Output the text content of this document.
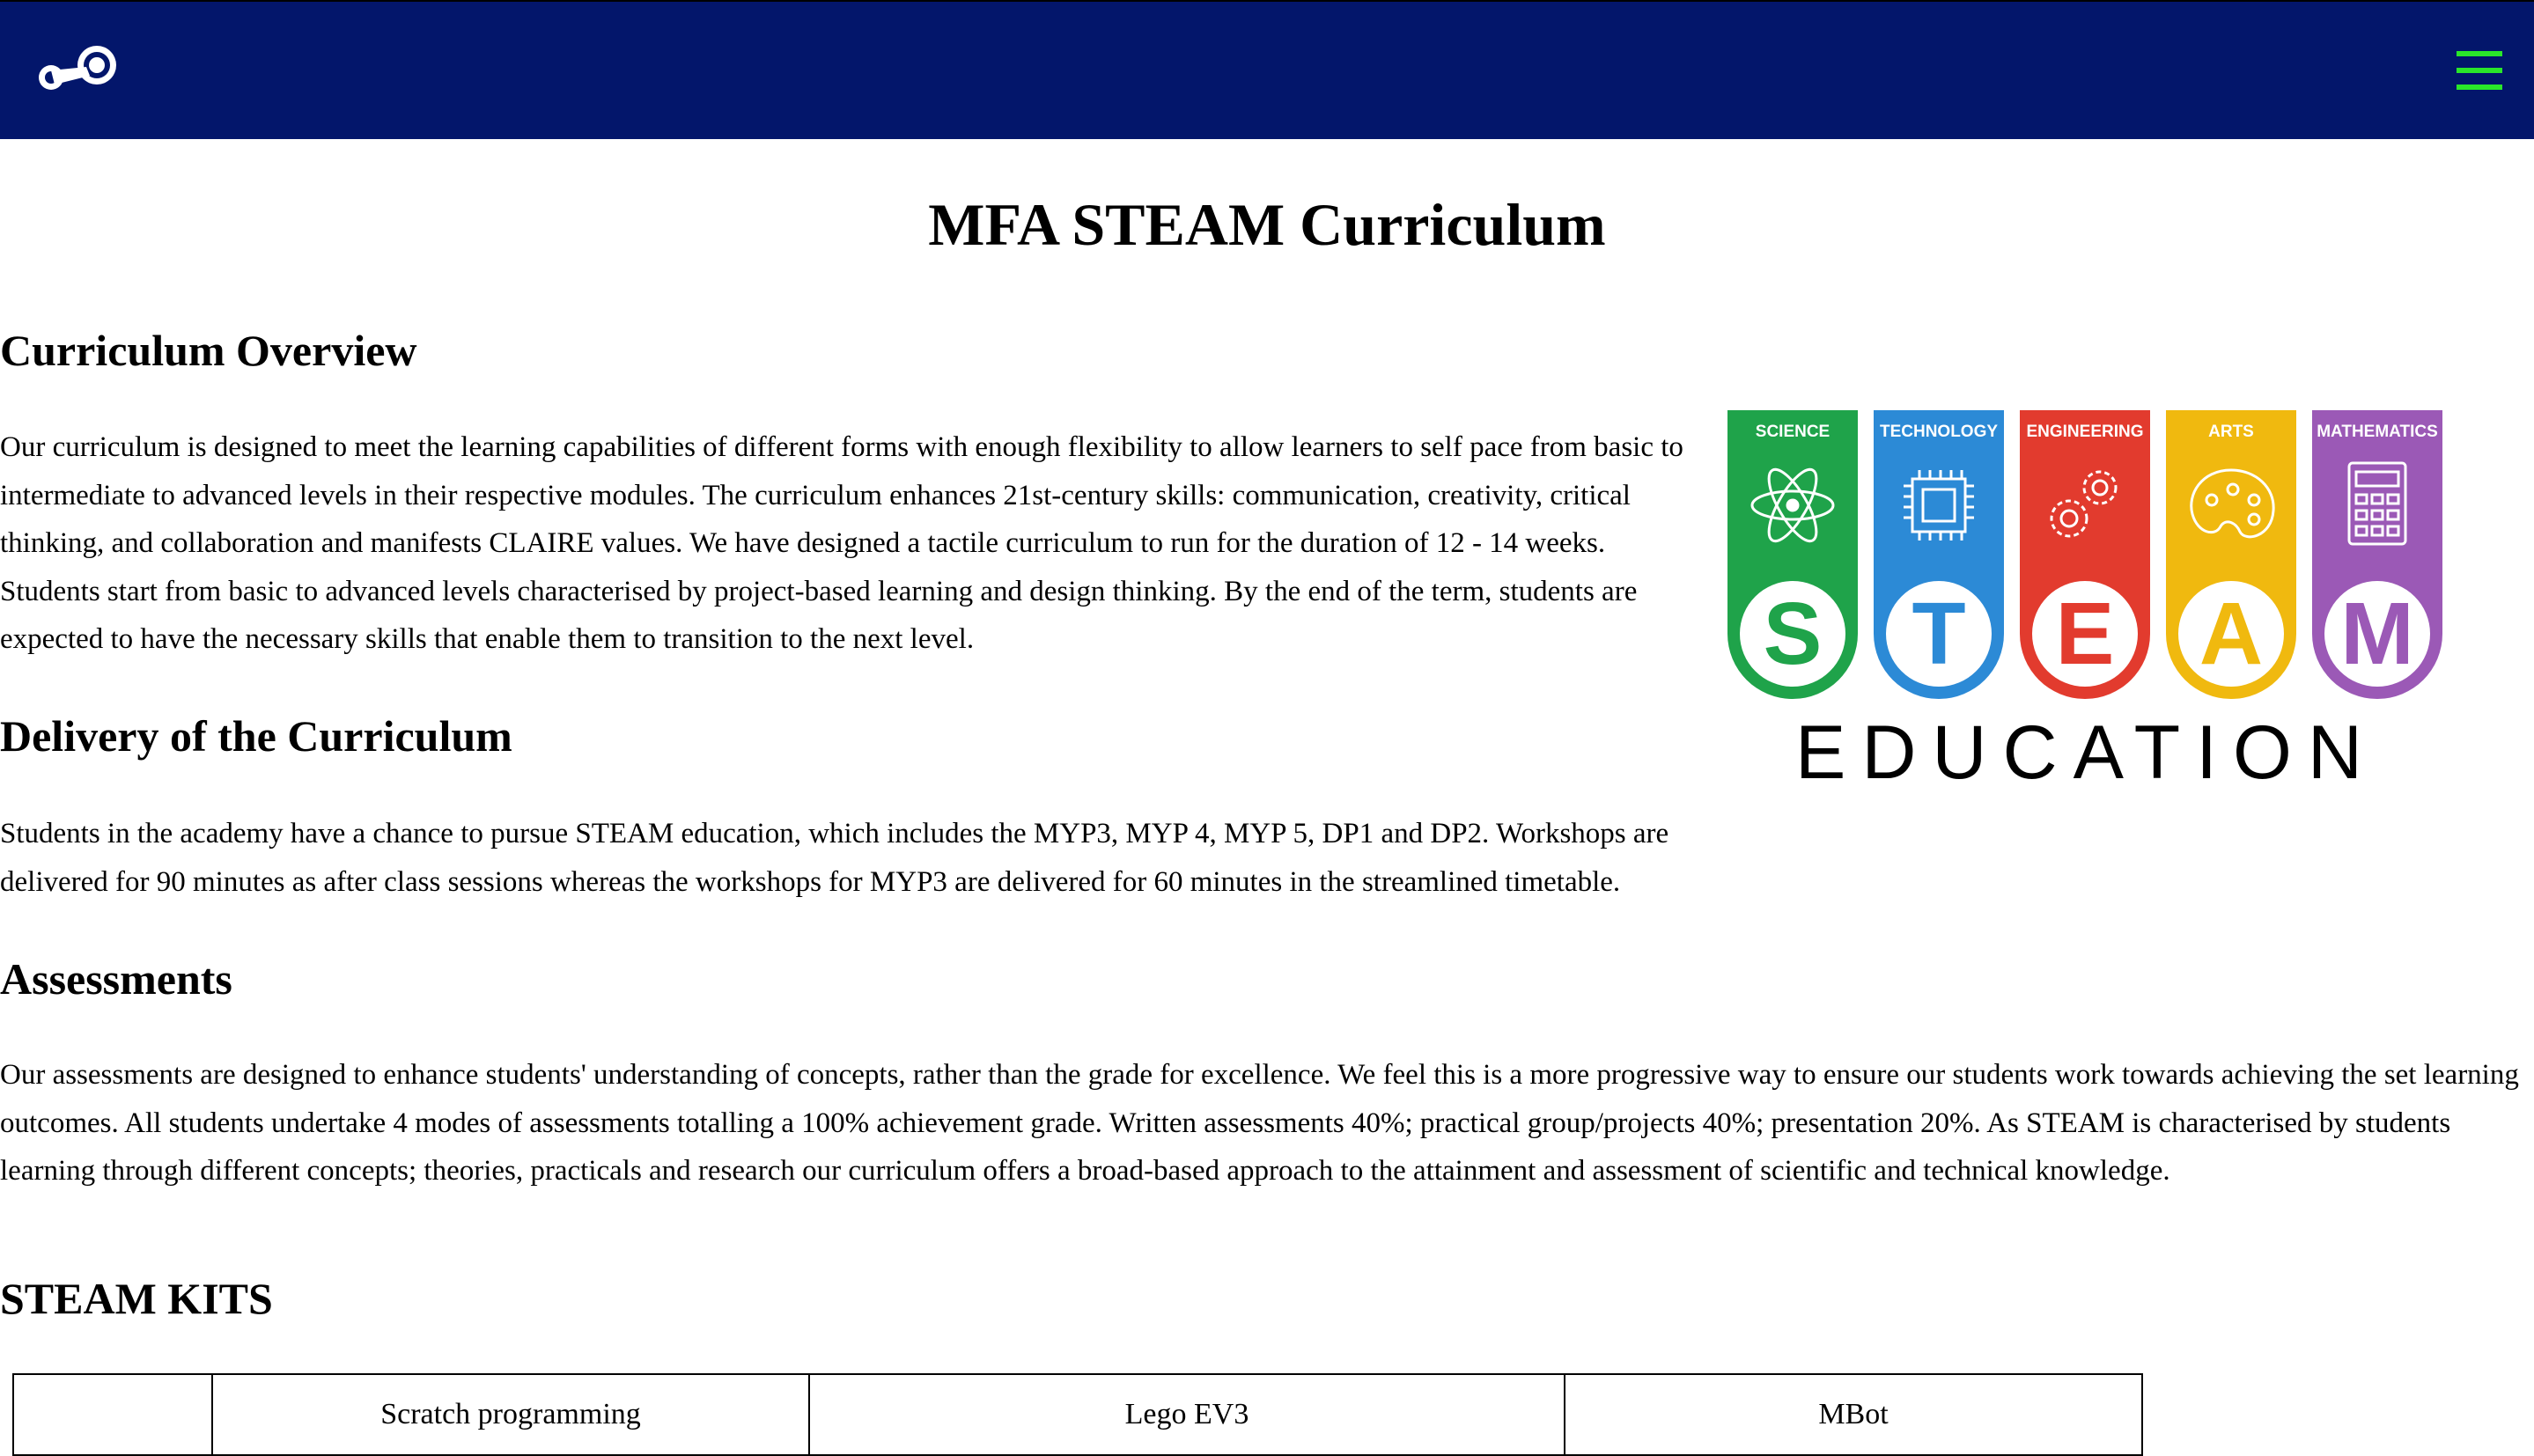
MFA STEAM Curriculum
Curriculum Overview

Our curriculum is designed to meet the learning capabilities of different forms with enough flexibility to allow learners to self pace from basic to intermediate to advanced levels in their respective modules. The curriculum enhances 21st-century skills: communication, creativity, critical thinking, and collaboration and manifests CLAIRE values. We have designed a tactile curriculum to run for the duration of 12 - 14 weeks. Students start from basic to advanced levels characterised by project-based learning and design thinking. By the end of the term, students are expected to have the necessary skills that enable them to transition to the next level.

Delivery of the Curriculum

Students in the academy have a chance to pursue STEAM education, which includes the MYP3, MYP 4, MYP 5, DP1 and DP2. Workshops are delivered for 90 minutes as after class sessions whereas the workshops for MYP3 are delivered for 60 minutes in the streamlined timetable.

Assessments

Our assessments are designed to enhance students' understanding of concepts, rather than the grade for excellence. We feel this is a more progressive way to ensure our students work towards achieving the set learning outcomes. All students undertake 4 modes of assessments totalling a 100% achievement grade. Written assessments 40%; practical group/projects 40%; presentation 20%. As STEAM is characterised by students learning through different concepts; theories, practicals and research our curriculum offers a broad-based approach to the attainment and assessment of scientific and technical knowledge.

STEAM KITS
SCIENCE
S
TECHNOLOGY
T
ENGINEERING
E
ARTS
A
MATHEMATICS
M
EDUCATION
	Scratch programming	Lego EV3	MBot
